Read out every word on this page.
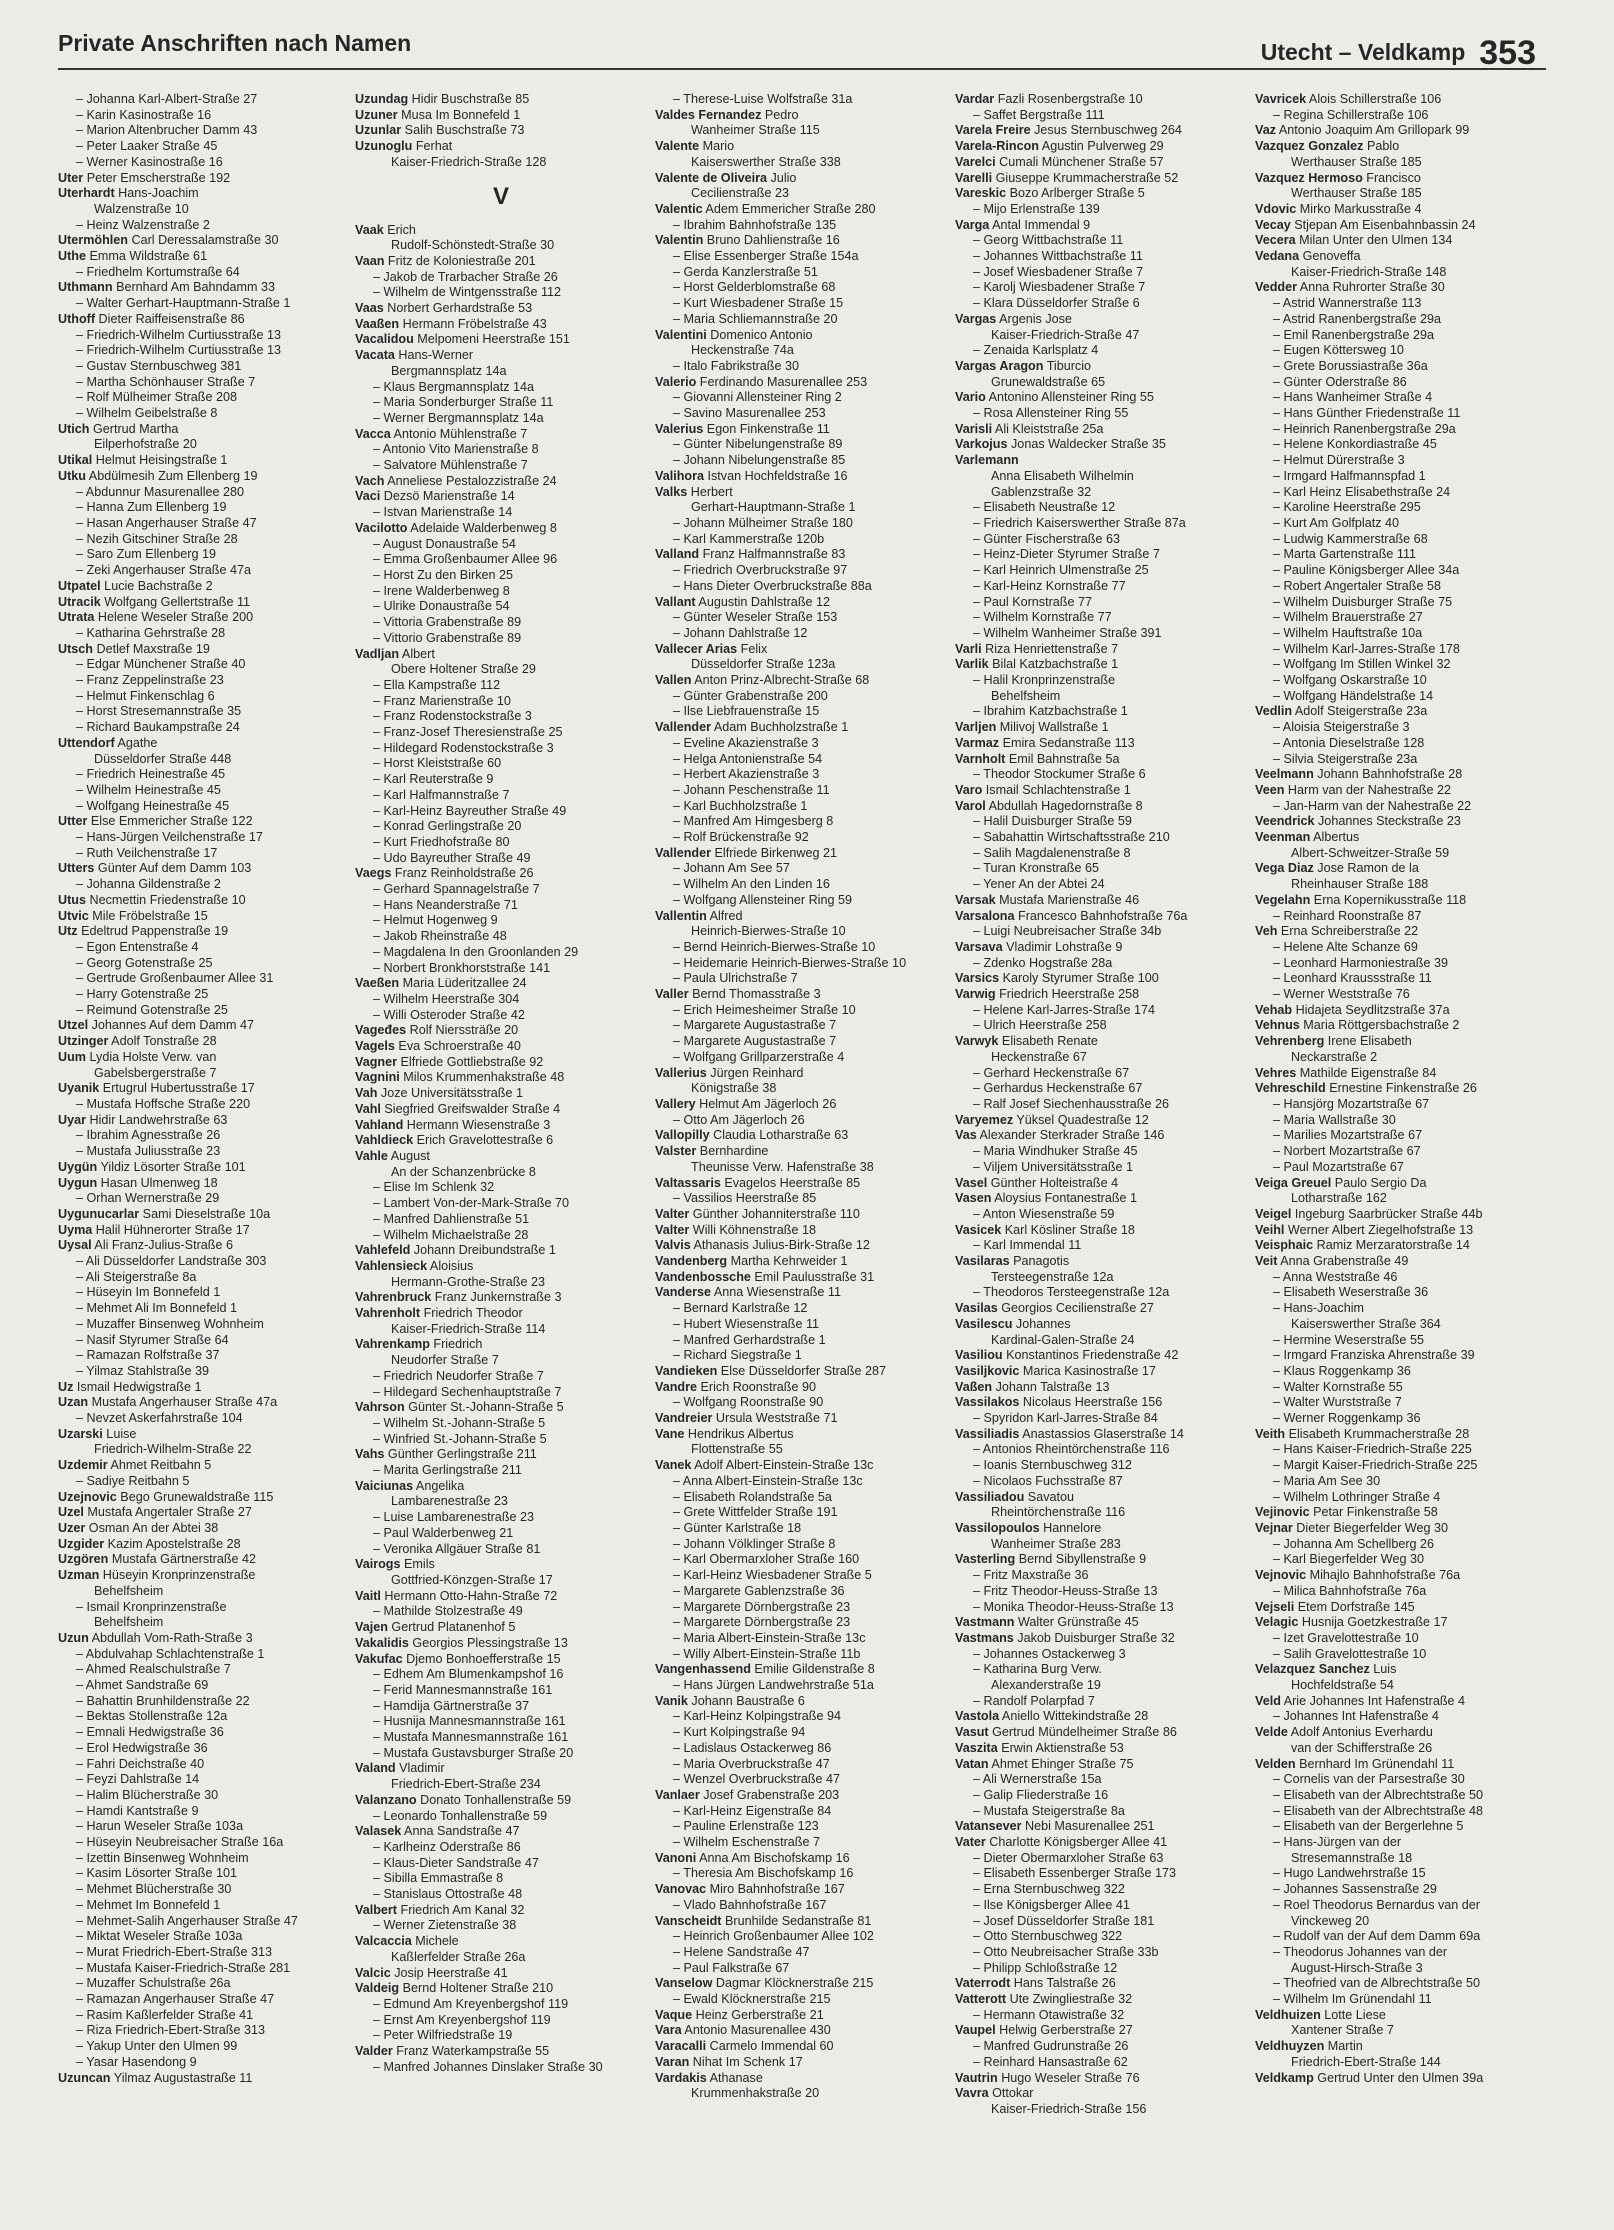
Private Anschriften nach Namen	Utecht – Veldkamp 353
– Johanna Karl-Albert-Straße 27
– Karin Kasinostraße 16
– Marion Altenbrucher Damm 43
– Peter Laaker Straße 45
– Werner Kasinostraße 16
Uter Peter Emscherstraße 192
Uterhardt Hans-Joachim
Walzenstraße 10
– Heinz Walzenstraße 2
Utermöhlen Carl Deressalamstraße 30
Uthe Emma Wildstraße 61
– Friedhelm Kortumstraße 64
Uthmann Bernhard Am Bahndamm 33
– Walter Gerhart-Hauptmann-Straße 1
Uthoff Dieter Raiffeisenstraße 86
– Friedrich-Wilhelm Curtiusstraße 13
– Friedrich-Wilhelm Curtiusstraße 13
– Gustav Sternbuschweg 381
– Martha Schönhauser Straße 7
– Rolf Mülheimer Straße 208
– Wilhelm Geibelstraße 8
Utich Gertrud Martha
Eilperhofstraße 20
Utikal Helmut Heisingstraße 1
Utku Abdülmesih Zum Ellenberg 19
– Abdunnur Masurenallee 280
– Hanna Zum Ellenberg 19
– Hasan Angerhauser Straße 47
– Nezih Gitschiner Straße 28
– Saro Zum Ellenberg 19
– Zeki Angerhauser Straße 47a
Utpatel Lucie Bachstraße 2
Utracik Wolfgang Gellertstraße 11
Utrata Helene Weseler Straße 200
– Katharina Gehrstraße 28
Utsch Detlef Maxstraße 19
– Edgar Münchener Straße 40
– Franz Zeppelinstraße 23
– Helmut Finkenschlag 6
– Horst Stresemannstraße 35
– Richard Baukampstraße 24
Uttendorf Agathe
Düsseldorfer Straße 448
– Friedrich Heinestraße 45
– Wilhelm Heinestraße 45
– Wolfgang Heinestraße 45
Utter Else Emmericher Straße 122
– Hans-Jürgen Veilchenstraße 17
– Ruth Veilchenstraße 17
Utters Günter Auf dem Damm 103
– Johanna Gildenstraße 2
Utus Necmettin Friedenstraße 10
Utvic Mile Fröbelstraße 15
Utz Edeltrud Pappenstraße 19
– Egon Entenstraße 4
– Georg Gotenstraße 25
– Gertrude Großenbaumer Allee 31
– Harry Gotenstraße 25
– Reimund Gotenstraße 25
Utzel Johannes Auf dem Damm 47
Utzinger Adolf Tonstraße 28
Uum Lydia Holste Verw. van
Gabelsbergerstraße 7
Uyanik Ertugrul Hubertusstraße 17
– Mustafa Hoffsche Straße 220
Uyar Hidir Landwehrstraße 63
– Ibrahim Agnesstraße 26
– Mustafa Juliusstraße 23
Uygün Yildiz Lösorter Straße 101
Uygun Hasan Ulmenweg 18
– Orhan Wernerstraße 29
Uygunucarlar Sami Dieselstraße 10a
Uyma Halil Hühnerorter Straße 17
Uysal Ali Franz-Julius-Straße 6
– Ali Düsseldorfer Landstraße 303
– Ali Steigerstraße 8a
– Hüseyin Im Bonnefeld 1
– Mehmet Ali Im Bonnefeld 1
– Muzaffer Binsenweg Wohnheim
– Nasif Styrumer Straße 64
– Ramazan Rolfstraße 37
– Yilmaz Stahlstraße 39
Uz Ismail Hedwigstraße 1
Uzan Mustafa Angerhauser Straße 47a
– Nevzet Askerfahrstraße 104
Uzarski Luise
Friedrich-Wilhelm-Straße 22
Uzdemir Ahmet Reitbahn 5
– Sadiye Reitbahn 5
Uzejnovic Bego Grunewaldstraße 115
Uzel Mustafa Angertaler Straße 27
Uzer Osman An der Abtei 38
Uzgider Kazim Apostelstraße 28
Uzgören Mustafa Gärtnerstraße 42
Uzman Hüseyin Kronprinzenstraße
Behelfsheim
– Ismail Kronprinzenstraße
Behelfsheim
Uzun Abdullah Vom-Rath-Straße 3
– Abdulvahap Schlachtenstraße 1
– Ahmed Realschulstraße 7
– Ahmet Sandstraße 69
– Bahattin Brunhildenstraße 22
– Bektas Stollenstraße 12a
– Emnali Hedwigstraße 36
– Erol Hedwigstraße 36
– Fahri Deichstraße 40
– Feyzi Dahlstraße 14
– Halim Blücherstraße 30
– Hamdi Kantstraße 9
– Harun Weseler Straße 103a
– Hüseyin Neubreisacher Straße 16a
– Izettin Binsenweg Wohnheim
– Kasim Lösorter Straße 101
– Mehmet Blücherstraße 30
– Mehmet Im Bonnefeld 1
– Mehmet-Salih Angerhauser Straße 47
– Miktat Weseler Straße 103a
– Murat Friedrich-Ebert-Straße 313
– Mustafa Kaiser-Friedrich-Straße 281
– Muzaffer Schulstraße 26a
– Ramazan Angerhauser Straße 47
– Rasim Kaßlerfelder Straße 41
– Riza Friedrich-Ebert-Straße 313
– Yakup Unter den Ulmen 99
– Yasar Hasendong 9
Uzuncan Yilmaz Augustastraße 11
Uzundag Hidir Buschstraße 85
Uzuner Musa Im Bonnefeld 1
Uzunlar Salih Buschstraße 73
Uzunoglu Ferhat
Kaiser-Friedrich-Straße 128
V
Vaak Erich
Rudolf-Schönstedt-Straße 30
Vaan Fritz de Koloniestraße 201
– Jakob de Trarbacher Straße 26
– Wilhelm de Wintgensstraße 112
Vaas Norbert Gerhardstraße 53
Vaaßen Hermann Fröbelstraße 43
Vacalidou Melpomeni Heerstraße 151
Vacata Hans-Werner
Bergmannsplatz 14a
– Klaus Bergmannsplatz 14a
– Maria Sonderburger Straße 11
– Werner Bergmannsplatz 14a
Vacca Antonio Mühlenstraße 7
– Antonio Vito Marienstraße 8
– Salvatore Mühlenstraße 7
Vach Anneliese Pestalozzistraße 24
Vaci Dezsö Marienstraße 14
– Istvan Marienstraße 14
Vacilotto Adelaide Walderbenweg 8
– August Donaustraße 54
– Emma Großenbaumer Allee 96
– Horst Zu den Birken 25
– Irene Walderbenweg 8
– Ulrike Donaustraße 54
– Vittoria Grabenstraße 89
– Vittorio Grabenstraße 89
Vadljan Albert
Obere Holtener Straße 29
– Ella Kampstraße 112
– Franz Marienstraße 10
– Franz Rodenstockstraße 3
– Franz-Josef Theresienstraße 25
– Hildegard Rodenstockstraße 3
– Horst Kleiststraße 60
– Karl Reuterstraße 9
– Karl Halfmannstraße 7
– Karl-Heinz Bayreuther Straße 49
– Konrad Gerlingstraße 20
– Kurt Friedhofstraße 80
– Udo Bayreuther Straße 49
Vaegs Franz Reinholdstraße 26
– Gerhard Spannagelstraße 7
– Hans Neanderstraße 71
– Helmut Hogenweg 9
– Jakob Rheinstraße 48
– Magdalena In den Groonlanden 29
– Norbert Bronkhorststraße 141
Vaeßen Maria Lüderitzallee 24
– Wilhelm Heerstraße 304
– Willi Osteroder Straße 42
Vageđes Rolf Nierssträße 20
Vagels Eva Schroerstraße 40
Vagner Elfriede Gottliebstraße 92
Vagnini Milos Krummenhakstraße 48
Vah Joze Universitätsstraße 1
Vahl Siegfried Greifswalder Straße 4
Vahland Hermann Wiesenstraße 3
Vahldieck Erich Gravelottestraße 6
Vahle August
An der Schanzenbrücke 8
– Elise Im Schlenk 32
– Lambert Von-der-Mark-Straße 70
– Manfred Dahlienstraße 51
– Wilhelm Michaelstraße 28
Vahlefeld Johann Dreibundstraße 1
Vahlensieck Aloisius
Hermann-Grothe-Straße 23
Vahrenbruck Franz Junkernstraße 3
Vahrenholt Friedrich Theodor
Kaiser-Friedrich-Straße 114
Vahrenkamp Friedrich
Neudorfer Straße 7
– Friedrich Neudorfer Straße 7
– Hildegard Sechenhauptstraße 7
Vahrson Günter St.-Johann-Straße 5
– Wilhelm St.-Johann-Straße 5
– Winfried St.-Johann-Straße 5
Vahs Günther Gerlingstraße 211
– Marita Gerlingstraße 211
Vaiciunas Angelika
Lambarenestraße 23
– Luise Lambarenestraße 23
– Paul Walderbenweg 21
– Veronika Allgäuer Straße 81
Vairogs Emils
Gottfried-Könzgen-Straße 17
Vaitl Hermann Otto-Hahn-Straße 72
– Mathilde Stolzestraße 49
Vajen Gertrud Platanenhof 5
Vakalidis Georgios Plessingstraße 13
Vakufac Djemo Bonhoefferstraße 15
– Edhem Am Blumenkampshof 16
– Ferid Mannesmannstraße 161
– Hamdija Gärtnerstraße 37
– Husnija Mannesmannstraße 161
– Mustafa Mannesmannstraße 161
– Mustafa Gustavsburger Straße 20
Valand Vladimir
Friedrich-Ebert-Straße 234
Valanzano Donato Tonhallenstraße 59
– Leonardo Tonhallenstraße 59
Valasek Anna Sandstraße 47
– Karlheinz Oderstraße 86
– Klaus-Dieter Sandstraße 47
– Sibilla Emmastraße 8
– Stanislaus Ottostraße 48
Valbert Friedrich Am Kanal 32
– Werner Zietenstraße 38
Valcaccia Michele
Kaßlerfelder Straße 26a
Valcic Josip Heerstraße 41
Valdeig Bernd Holtener Straße 210
– Edmund Am Kreyenbergshof 119
– Ernst Am Kreyenbergshof 119
– Peter Wilfriedstraße 19
Valder Franz Waterkampstraße 55
– Manfred Johannes Dinslaker Straße 30
– Therese-Luise Wolfstraße 31a
Valdes Fernandez Pedro
Wanheimer Straße 115
Valente Mario
Kaiserswerther Straße 338
Valente de Oliveira Julio
Cecilienstraße 23
Valentic Adem Emmericher Straße 280
– Ibrahim Bahnhofstraße 135
Valentin Bruno Dahlienstraße 16
– Elise Essenberger Straße 154a
– Gerda Kanzlerstraße 51
– Horst Gelderblomstraße 68
– Kurt Wiesbadener Straße 15
– Maria Schliemannstraße 20
Valentini Domenico Antonio
Heckenstraße 74a
– Italo Fabrikstraße 30
Valerio Ferdinando Masurenallee 253
– Giovanni Allensteiner Ring 2
– Savino Masurenallee 253
Valerius Egon Finkenstraße 11
– Günter Nibelungenstraße 89
– Johann Nibelungenstraße 85
Valihora Istvan Hochfeldstraße 16
Valks Herbert
Gerhart-Hauptmann-Straße 1
– Johann Mülheimer Straße 180
– Karl Kammerstraße 120b
Valland Franz Halfmannstraße 83
– Friedrich Overbruckstraße 97
– Hans Dieter Overbruckstraße 88a
Vallant Augustin Dahlstraße 12
– Günter Weseler Straße 153
– Johann Dahlstraße 12
Vallecer Arias Felix
Düsseldorfer Straße 123a
Vallen Anton Prinz-Albrecht-Straße 68
– Günter Grabenstraße 200
– Ilse Liebfrauenstraße 15
Vallender Adam Buchholzstraße 1
– Eveline Akazienstraße 3
– Helga Antonienstraße 54
– Herbert Akazienstraße 3
– Johann Peschenstraße 11
– Karl Buchholzstraße 1
– Manfred Am Himgesberg 8
– Rolf Brückenstraße 92
Vallender Elfriede Birkenweg 21
– Johann Am See 57
– Wilhelm An den Linden 16
– Wolfgang Allensteiner Ring 59
Vallentin Alfred
Heinrich-Bierwes-Straße 10
– Bernd Heinrich-Bierwes-Straße 10
– Heidemarie Heinrich-Bierwes-Straße 10
– Paula Ulrichstraße 7
Valler Bernd Thomasstraße 3
– Erich Heimesheimer Straße 10
– Margarete Augustastraße 7
– Margarete Augustastraße 7
– Wolfgang Grillparzerstraße 4
Vallerius Jürgen Reinhard
Königstraße 38
Vallery Helmut Am Jägerloch 26
– Otto Am Jägerloch 26
Vallopilly Claudia Lotharstraße 63
Valster Bernhardine
Theunisse Verw. Hafenstraße 38
Valtassaris Evagelos Heerstraße 85
– Vassilios Heerstraße 85
Valter Günther Johanniterstraße 110
Valter Willi Köhnenstraße 18
Valvis Athanasis Julius-Birk-Straße 12
Vandenberg Martha Kehrweider 1
Vandenbossche Emil Paulusstraße 31
Vanderse Anna Wiesenstraße 11
– Bernard Karlstraße 12
– Hubert Wiesenstraße 11
– Manfred Gerhardstraße 1
– Richard Siegstraße 1
Vandieken Else Düsseldorfer Straße 287
Vandre Erich Roonstraße 90
– Wolfgang Roonstraße 90
Vandreier Ursula Weststraße 71
Vane Hendrikus Albertus
Flottenstraße 55
Vanek Adolf Albert-Einstein-Straße 13c
– Anna Albert-Einstein-Straße 13c
– Elisabeth Rolandstraße 5a
– Grete Wittfelder Straße 191
– Günter Karlstraße 18
– Johann Völklinger Straße 8
– Karl Obermarxloher Straße 160
– Karl-Heinz Wiesbadener Straße 5
– Margarete Gablenzstraße 36
– Margarete Dörnbergstraße 23
– Margarete Dörnbergstraße 23
– Maria Albert-Einstein-Straße 13c
– Willy Albert-Einstein-Straße 11b
Vangenhassend Emilie Gildenstraße 8
– Hans Jürgen Landwehrstraße 51a
Vanik Johann Baustraße 6
– Karl-Heinz Kolpingstraße 94
– Kurt Kolpingstraße 94
– Ladislaus Ostackerweg 86
– Maria Overbruckstraße 47
– Wenzel Overbruckstraße 47
Vanlaer Josef Grabenstraße 203
– Karl-Heinz Eigenstraße 84
– Pauline Erlenstraße 123
– Wilhelm Eschenstraße 7
Vanoni Anna Am Bischofskamp 16
– Theresia Am Bischofskamp 16
Vanovac Miro Bahnhofstraße 167
– Vlado Bahnhofstraße 167
Vanscheidt Brunhilde Sedanstraße 81
– Heinrich Großenbaumer Allee 102
– Helene Sandstraße 47
– Paul Falkstraße 67
Vanselow Dagmar Klöcknerstraße 215
– Ewald Klöcknerstraße 215
Vaque Heinz Gerberstraße 21
Vara Antonio Masurenallee 430
Varacalli Carmelo Immendal 60
Varan Nihat Im Schenk 17
Vardakis Athanase
Krummenhakstraße 20
Vardar Fazli Rosenbergstraße 10
– Saffet Bergstraße 111
Varela Freire Jesus Sternbuschweg 264
Varela-Rincon Agustin Pulverweg 29
Varelci Cumali Münchener Straße 57
Varelli Giuseppe Krummacherstraße 52
Vareskic Bozo Arlberger Straße 5
– Mijo Erlenstraße 139
Varga Antal Immendal 9
– Georg Wittbachstraße 11
– Johannes Wittbachstraße 11
– Josef Wiesbadener Straße 7
– Karolj Wiesbadener Straße 7
– Klara Düsseldorfer Straße 6
Vargas Argenis Jose
Kaiser-Friedrich-Straße 47
– Zenaida Karlsplatz 4
Vargas Aragon Tiburcio
Grunewaldstraße 65
Vario Antonino Allensteiner Ring 55
– Rosa Allensteiner Ring 55
Varisli Ali Kleiststraße 25a
Varkojus Jonas Waldecker Straße 35
Varlemann
Anna Elisabeth Wilhelmin
Gablenzstraße 32
– Elisabeth Neustraße 12
– Friedrich Kaiserswerther Straße 87a
– Günter Fischerstraße 63
– Heinz-Dieter Styrumer Straße 7
– Karl Heinrich Ulmenstraße 25
– Karl-Heinz Kornstraße 77
– Paul Kornstraße 77
– Wilhelm Kornstraße 77
– Wilhelm Wanheimer Straße 391
Varli Riza Henriettenstraße 7
Varlik Bilal Katzbachstraße 1
– Halil Kronprinzenstraße
Behelfsheim
– Ibrahim Katzbachstraße 1
Varljen Milivoj Wallstraße 1
Varmaz Emira Sedanstraße 113
Varnholt Emil Bahnstraße 5a
– Theodor Stockumer Straße 6
Varo Ismail Schlachtenstraße 1
Varol Abdullah Hagedornstraße 8
– Halil Duisburger Straße 59
– Sabahattin Wirtschaftsstraße 210
– Salih Magdalenenstraße 8
– Turan Kronstraße 65
– Yener An der Abtei 24
Varsak Mustafa Marienstraße 46
Varsalona Francesco Bahnhofstraße 76a
– Luigi Neubreisacher Straße 34b
Varsava Vladimir Lohstraße 9
– Zdenko Hogstraße 28a
Varsics Karoly Styrumer Straße 100
Varwig Friedrich Heerstraße 258
– Helene Karl-Jarres-Straße 174
– Ulrich Heerstraße 258
Varwyk Elisabeth Renate
Heckenstraße 67
– Gerhard Heckenstraße 67
– Gerhardus Heckenstraße 67
– Ralf Josef Siechenhausstraße 26
Varyemez Yüksel Quadestraße 12
Vas Alexander Sterkrader Straße 146
– Maria Windhuker Straße 45
– Viljem Universitätsstraße 1
Vasel Günther Holteistraße 4
Vasen Aloysius Fontanestraße 1
– Anton Wiesenstraße 59
Vasicek Karl Kösliner Straße 18
– Karl Immendal 11
Vasilaras Panagotis
Tersteegenstraße 12a
– Theodoros Tersteegenstraße 12a
Vasilas Georgios Cecilienstraße 27
Vasilescu Johannes
Kardinal-Galen-Straße 24
Vasiliou Konstantinos Friedenstraße 42
Vasiljkovic Marica Kasinostraße 17
Vaßen Johann Talstraße 13
Vassilakos Nicolaus Heerstraße 156
– Spyridon Karl-Jarres-Straße 84
Vassiliadis Anastassios Glaserstraße 14
– Antonios Rheintörchenstraße 116
– Ioanis Sternbuschweg 312
– Nicolaos Fuchsstraße 87
Vassiliadou Savatou
Rheintörchenstraße 116
Vassilopoulos Hannelore
Wanheimer Straße 283
Vasterling Bernd Sibyllenstraße 9
– Fritz Maxstraße 36
– Fritz Theodor-Heuss-Straße 13
– Monika Theodor-Heuss-Straße 13
Vastmann Walter Grünstraße 45
Vastmans Jakob Duisburger Straße 32
– Johannes Ostackerweg 3
– Katharina Burg Verw.
Alexanderstraße 19
– Randolf Polarpfad 7
Vastola Aniello Wittekindstraße 28
Vasut Gertrud Mündelheimer Straße 86
Vaszita Erwin Aktienstraße 53
Vatan Ahmet Ehinger Straße 75
– Ali Wernerstraße 15a
– Galip Fliederstraße 16
– Mustafa Steigerstraße 8a
Vatansever Nebi Masurenallee 251
Vater Charlotte Königsberger Allee 41
– Dieter Obermarxloher Straße 63
– Elisabeth Essenberger Straße 173
– Erna Sternbuschweg 322
– Ilse Königsberger Allee 41
– Josef Düsseldorfer Straße 181
– Otto Sternbuschweg 322
– Otto Neubreisacher Straße 33b
– Philipp Schloßstraße 12
Vaterrodt Hans Talstraße 26
Vatterott Ute Zwingliestraße 32
– Hermann Otawistraße 32
Vaupel Helwig Gerberstraße 27
– Manfred Gudrunstraße 26
– Reinhard Hansastraße 62
Vautrin Hugo Weseler Straße 76
Vavra Ottokar
Kaiser-Friedrich-Straße 156
Vavricek Alois Schillerstraße 106
– Regina Schillerstraße 106
Vaz Antonio Joaquim Am Grillopark 99
Vazquez Gonzalez Pablo
Werthauser Straße 185
Vazquez Hermoso Francisco
Werthauser Straße 185
Vdovic Mirko Markusstraße 4
Vecay Stjepan Am Eisenbahnbassin 24
Vecera Milan Unter den Ulmen 134
Vedana Genoveffa
Kaiser-Friedrich-Straße 148
Vedder Anna Ruhrorter Straße 30
– Astrid Wannerstraße 113
– Astrid Ranenbergstraße 29a
– Emil Ranenbergstraße 29a
– Eugen Köttersweg 10
– Grete Borussiastraße 36a
– Günter Oderstraße 86
– Hans Wanheimer Straße 4
– Hans Günther Friedenstraße 11
– Heinrich Ranenbergstraße 29a
– Helene Konkordiastraße 45
– Helmut Dürerstraße 3
– Irmgard Halfmannspfad 1
– Karl Heinz Elisabethstraße 24
– Karoline Heerstraße 295
– Kurt Am Golfplatz 40
– Ludwig Kammerstraße 68
– Marta Gartenstraße 111
– Pauline Königsberger Allee 34a
– Robert Angertaler Straße 58
– Wilhelm Duisburger Straße 75
– Wilhelm Brauerstraße 27
– Wilhelm Hauftstraße 10a
– Wilhelm Karl-Jarres-Straße 178
– Wolfgang Im Stillen Winkel 32
– Wolfgang Oskarstraße 10
– Wolfgang Händelstraße 14
Vedlin Adolf Steigerstraße 23a
– Aloisia Steigerstraße 3
– Antonia Dieselstraße 128
– Silvia Steigerstraße 23a
Veelmann Johann Bahnhofstraße 28
Veen Harm van der Nahestraße 22
– Jan-Harm van der Nahestraße 22
Veendrick Johannes Steckstraße 23
Veenman Albertus
Albert-Schweitzer-Straße 59
Vega Diaz Jose Ramon de la
Rheinhauser Straße 188
Vegelahn Erna Kopernikusstraße 118
– Reinhard Roonstraße 87
Veh Erna Schreiberstraße 22
– Helene Alte Schanze 69
– Leonhard Harmoniestraße 39
– Leonhard Kraussstraße 11
– Werner Weststraße 76
Vehab Hidajeta Seydlitzstraße 37a
Vehnus Maria Röttgersbachstraße 2
Vehrenberg Irene Elisabeth
Neckarstraße 2
Vehres Mathilde Eigenstraße 84
Vehreschild Ernestine Finkenstraße 26
– Hansjörg Mozartstraße 67
– Maria Wallstraße 30
– Marilies Mozartstraße 67
– Norbert Mozartstraße 67
– Paul Mozartstraße 67
Veiga Greuel Paulo Sergio Da
Lotharstraße 162
Veigel Ingeburg Saarbrücker Straße 44b
Veihl Werner Albert Ziegelhofstraße 13
Veisphaic Ramiz Merzaratorstraße 14
Veit Anna Grabenstraße 49
– Anna Weststraße 46
– Elisabeth Weserstraße 36
– Hans-Joachim
Kaiserswerther Straße 364
– Hermine Weserstraße 55
– Irmgard Franziska Ahrenstraße 39
– Klaus Roggenkamp 36
– Walter Kornstraße 55
– Walter Wurststraße 7
– Werner Roggenkamp 36
Veith Elisabeth Krummacherstraße 28
– Hans Kaiser-Friedrich-Straße 225
– Margit Kaiser-Friedrich-Straße 225
– Maria Am See 30
– Wilhelm Lothringer Straße 4
Vejinovic Petar Finkenstraße 58
Vejnar Dieter Biegerfelder Weg 30
– Johanna Am Schellberg 26
– Karl Biegerfelder Weg 30
Vejnovic Mihajlo Bahnhofstraße 76a
– Milica Bahnhofstraße 76a
Vejseli Etem Dorfstraße 145
Velagic Husnija Goetzkestraße 17
– Izet Gravelottestraße 10
– Salih Gravelottestraße 10
Velazquez Sanchez Luis
Hochfeldstraße 54
Veld Arie Johannes Int Hafenstraße 4
– Johannes Int Hafenstraße 4
Velde Adolf Antonius Everhardu
van der Schifferstraße 26
Velden Bernhard Im Grünendahl 11
– Cornelis van der Parsestraße 30
– Elisabeth van der Albrechtstraße 50
– Elisabeth van der Albrechtstraße 48
– Elisabeth van der Bergerlehne 5
– Hans-Jürgen van der
Stresemannstraße 18
– Hugo Landwehrstraße 15
– Johannes Sassenstraße 29
– Roel Theodorus Bernardus van der
Vinckeweg 20
– Rudolf van der Auf dem Damm 69a
– Theodorus Johannes van der
August-Hirsch-Straße 3
– Theofried van de Albrechtstraße 50
– Wilhelm Im Grünendahl 11
Veldhuizen Lotte Liese
Xantener Straße 7
Veldhuyzen Martin
Friedrich-Ebert-Straße 144
Veldkamp Gertrud Unter den Ulmen 39a
